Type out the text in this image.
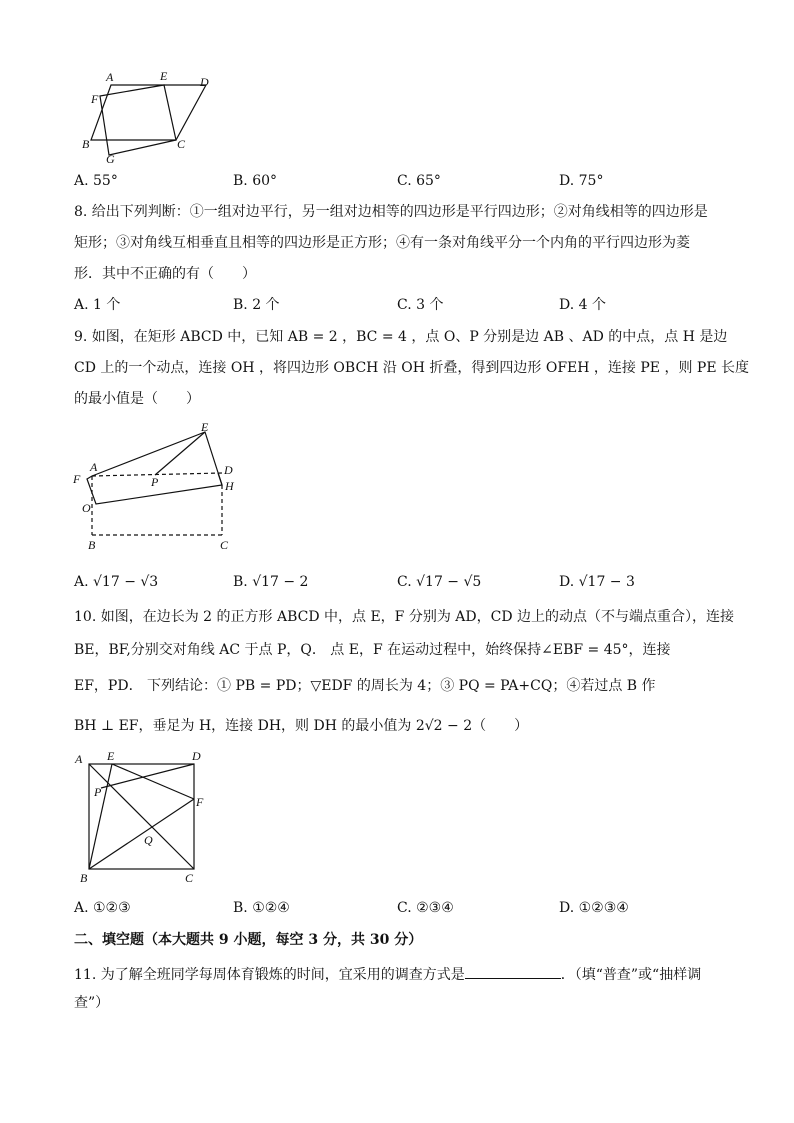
A	E	D
F
B
G
C
A. 55°	B. 60°	C. 65°	D. 75°
8. 给出下列判断：①一组对边平行，另一组对边相等的四边形是平行四边形；②对角线相等的四边形是
矩形；③对角线互相垂直且相等的四边形是正方形；④有一条对角线平分一个内角的平行四边形为菱
形．其中不正确的有（　　）
A. 1 个	B. 2 个	C. 3 个	D. 4 个
9. 如图，在矩形 ABCD 中，已知 AB = 2 ，BC = 4 ，点 O、P 分别是边 AB 、AD 的中点，点 H 是边
CD 上的一个动点，连接 OH ，将四边形 OBCH 沿 OH 折叠，得到四边形 OFEH ，连接 PE ，则 PE 长度
的最小值是（　　）
E
A	D
F	P	H
O
B	C
A. √17 − √3	B. √17 − 2	C. √17 − √5	D. √17 − 3
10. 如图，在边长为 2 的正方形 ABCD 中，点 E，F 分别为 AD，CD 边上的动点（不与端点重合），连接
BE，BF,分别交对角线 AC 于点 P，Q． 点 E，F 在运动过程中，始终保持∠EBF = 45°，连接
EF，PD． 下列结论：① PB = PD；▽EDF 的周长为 4；③ PQ = PA+CQ；④若过点 B 作
BH ⊥ EF，垂足为 H，连接 DH，则 DH 的最小值为 2√2 − 2（　　）
A E	D
P
F
Q
B	C
A. ①②③	B. ①②④	C. ②③④	D. ①②③④
二、填空题（本大题共 9 小题，每空 3 分，共 30 分）
11. 为了解全班同学每周体育锻炼的时间，宜采用的调查方式是	．（填“普查”或“抽样调
查”）
